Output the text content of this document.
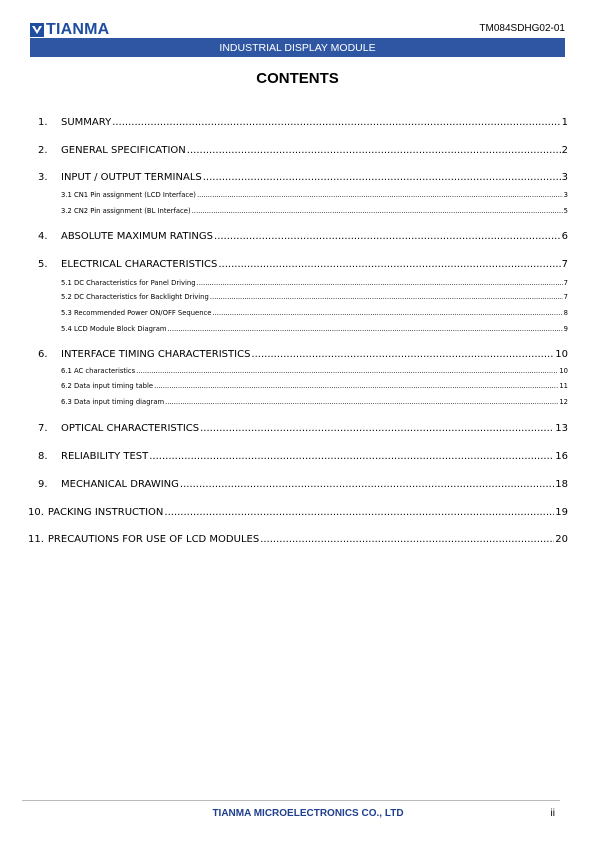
TIANMA	TM084SDHG02-01
INDUSTRIAL DISPLAY MODULE
CONTENTS
1.	SUMMARY .....	1
2.	GENERAL SPECIFICATION .....	2
3.	INPUT / OUTPUT TERMINALS .....	3
3.1 CN1 Pin assignment (LCD Interface) .....	3
3.2 CN2 Pin assignment (BL Interface) .....	5
4.	ABSOLUTE MAXIMUM RATINGS .....	6
5.	ELECTRICAL CHARACTERISTICS .....	7
5.1 DC Characteristics for Panel Driving .....	7
5.2 DC Characteristics for Backlight Driving .....	7
5.3 Recommended Power ON/OFF Sequence .....	8
5.4 LCD Module Block Diagram .....	9
6.	INTERFACE TIMING CHARACTERISTICS .....	10
6.1 AC characteristics .....	10
6.2 Data input timing table .....	11
6.3 Data input timing diagram .....	12
7.	OPTICAL CHARACTERISTICS .....	13
8.	RELIABILITY TEST .....	16
9.	MECHANICAL DRAWING .....	18
10. PACKING INSTRUCTION .....	19
11. PRECAUTIONS FOR USE OF LCD MODULES .....	20
TIANMA MICROELECTRONICS CO., LTD	ii
